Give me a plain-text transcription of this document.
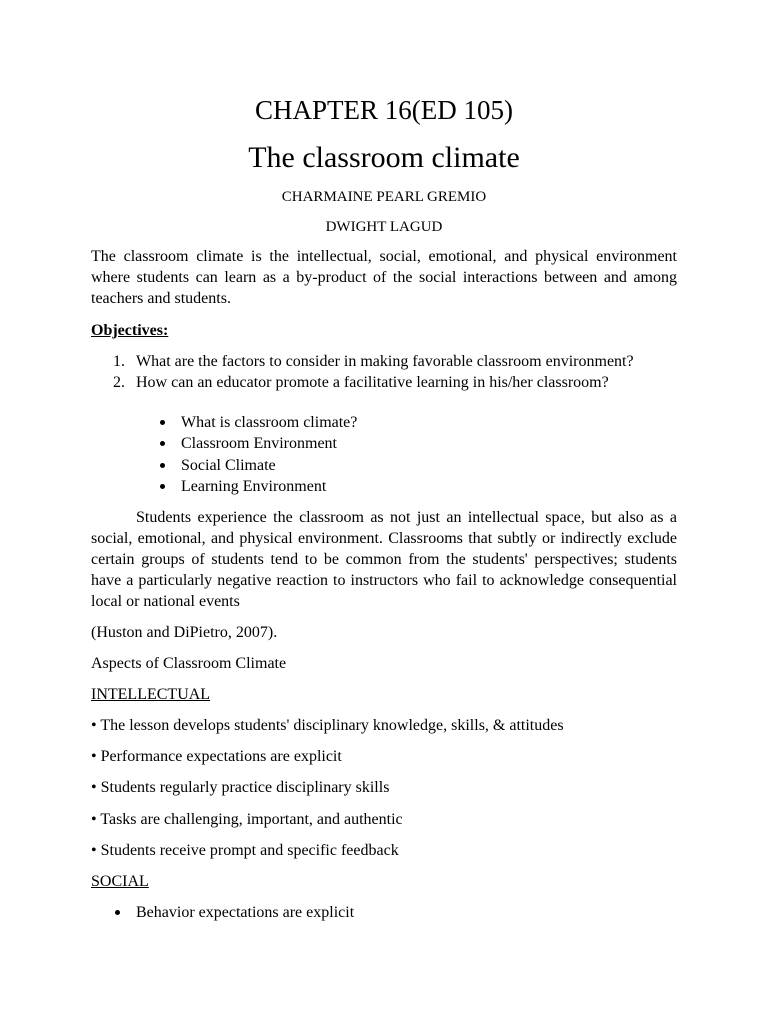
CHAPTER 16(ED 105)
The classroom climate
CHARMAINE PEARL GREMIO
DWIGHT LAGUD
The classroom climate is the intellectual, social, emotional, and physical environment
where students can learn as a by-product of the social interactions between and among
teachers and students.
Objectives:
1. What are the factors to consider in making favorable classroom environment?
2. How can an educator promote a facilitative learning in his/her classroom?
What is classroom climate?
Classroom Environment
Social Climate
Learning Environment
Students experience the classroom as not just an intellectual space, but also as a
social, emotional, and physical environment. Classrooms that subtly or indirectly exclude
certain groups of students tend to be common from the students' perspectives; students
have a particularly negative reaction to instructors who fail to acknowledge consequential
local or national events
(Huston and DiPietro, 2007).
Aspects of Classroom Climate
INTELLECTUAL
• The lesson develops students' disciplinary knowledge, skills, & attitudes
• Performance expectations are explicit
• Students regularly practice disciplinary skills
• Tasks are challenging, important, and authentic
• Students receive prompt and specific feedback
SOCIAL
Behavior expectations are explicit
